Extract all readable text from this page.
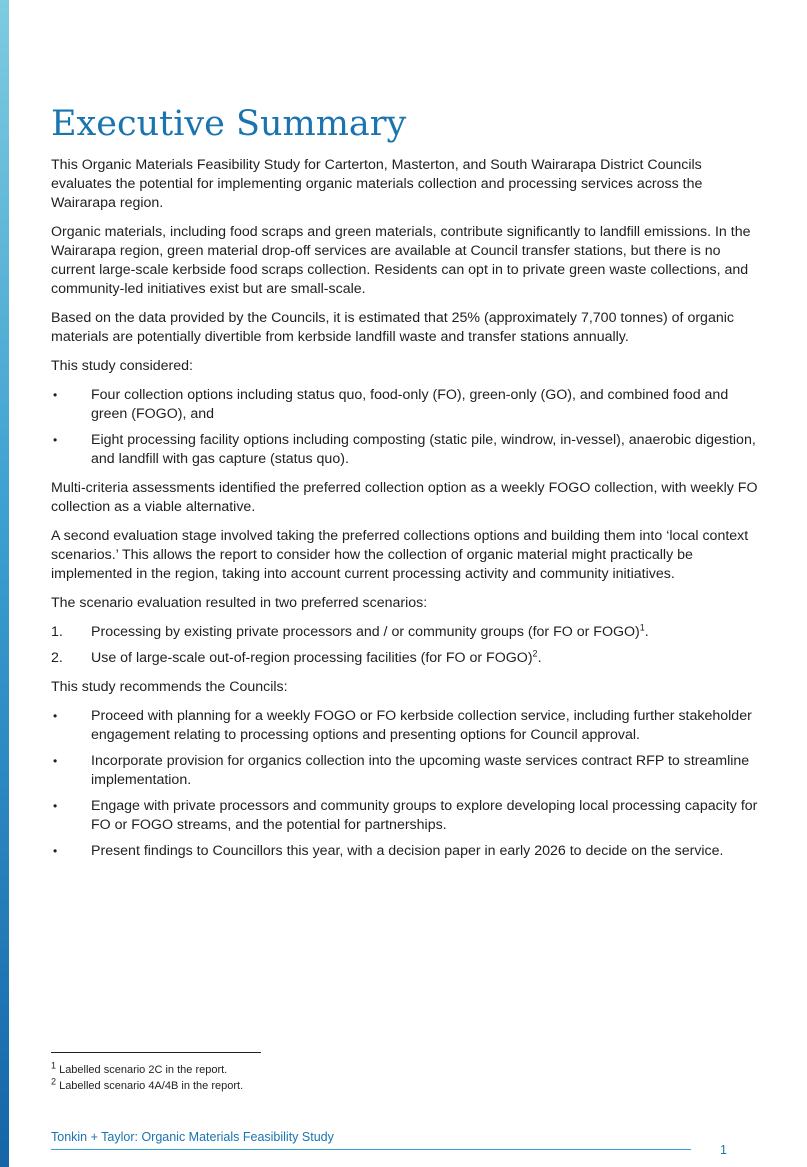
Executive Summary

This Organic Materials Feasibility Study for Carterton, Masterton, and South Wairarapa District Councils evaluates the potential for implementing organic materials collection and processing services across the Wairarapa region.

Organic materials, including food scraps and green materials, contribute significantly to landfill emissions. In the Wairarapa region, green material drop-off services are available at Council transfer stations, but there is no current large-scale kerbside food scraps collection. Residents can opt in to private green waste collections, and community-led initiatives exist but are small-scale.

Based on the data provided by the Councils, it is estimated that 25% (approximately 7,700 tonnes) of organic materials are potentially divertible from kerbside landfill waste and transfer stations annually.

This study considered:

•	Four collection options including status quo, food-only (FO), green-only (GO), and combined food and green (FOGO), and
•	Eight processing facility options including composting (static pile, windrow, in-vessel), anaerobic digestion, and landfill with gas capture (status quo).

Multi-criteria assessments identified the preferred collection option as a weekly FOGO collection, with weekly FO collection as a viable alternative.

A second evaluation stage involved taking the preferred collections options and building them into ‘local context scenarios.’ This allows the report to consider how the collection of organic material might practically be implemented in the region, taking into account current processing activity and community initiatives.

The scenario evaluation resulted in two preferred scenarios:

1.	Processing by existing private processors and / or community groups (for FO or FOGO)$^1$.
2.	Use of large-scale out-of-region processing facilities (for FO or FOGO)$^2$.

This study recommends the Councils:

•	Proceed with planning for a weekly FOGO or FO kerbside collection service, including further stakeholder engagement relating to processing options and presenting options for Council approval.
•	Incorporate provision for organics collection into the upcoming waste services contract RFP to streamline implementation.
•	Engage with private processors and community groups to explore developing local processing capacity for FO or FOGO streams, and the potential for partnerships.
•	Present findings to Councillors this year, with a decision paper in early 2026 to decide on the service.

$^1$ Labelled scenario 2C in the report.

$^2$ Labelled scenario 4A/4B in the report.

Tonkin + Taylor: Organic Materials Feasibility Study
1
